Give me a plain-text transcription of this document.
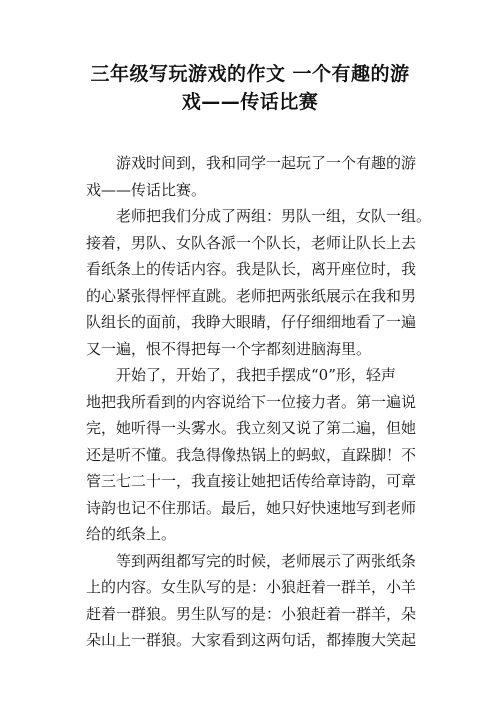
三年级写玩游戏的作文 一个有趣的游
戏——传话比赛
游戏时间到，我和同学一起玩了一个有趣的游
戏——传话比赛。
老师把我们分成了两组：男队一组，女队一组。
接着，男队、女队各派一个队长，老师让队长上去
看纸条上的传话内容。我是队长，离开座位时，我
的心紧张得怦怦直跳。老师把两张纸展示在我和男
队组长的面前，我睁大眼睛，仔仔细细地看了一遍
又一遍，恨不得把每一个字都刻进脑海里。
开始了，开始了，我把手摆成“0”形，轻声
地把我所看到的内容说给下一位接力者。第一遍说
完，她听得一头雾水。我立刻又说了第二遍，但她
还是听不懂。我急得像热锅上的蚂蚁，直跺脚！不
管三七二十一，我直接让她把话传给章诗韵，可章
诗韵也记不住那话。最后，她只好快速地写到老师
给的纸条上。
等到两组都写完的时候，老师展示了两张纸条
上的内容。女生队写的是：小狼赶着一群羊，小羊
赶着一群狼。男生队写的是：小狼赶着一群羊，朵
朵山上一群狼。大家看到这两句话，都捧腹大笑起
